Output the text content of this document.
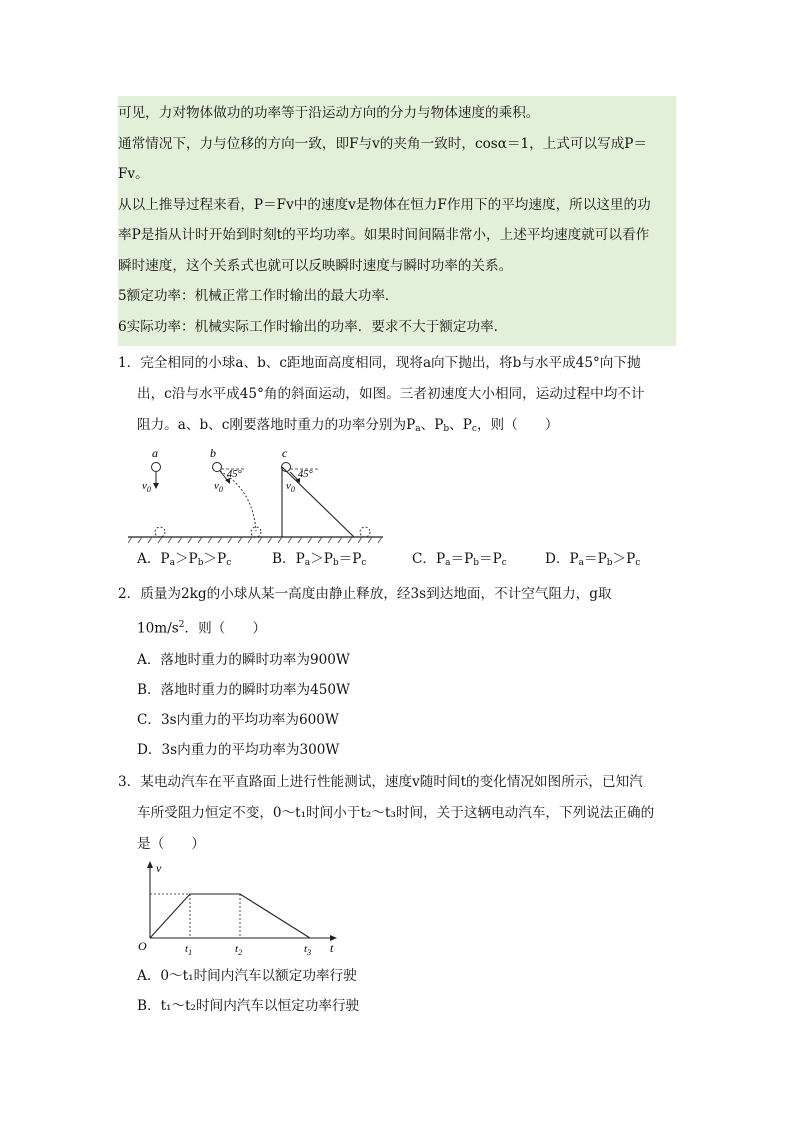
可见，力对物体做功的功率等于沿运动方向的分力与物体速度的乘积。

通常情况下，力与位移的方向一致，即F与v的夹角一致时，cosα＝1，上式可以写成P＝

Fv。

从以上推导过程来看，P＝Fv中的速度v是物体在恒力F作用下的平均速度，所以这里的功

率P是指从计时开始到时刻t的平均功率。如果时间间隔非常小，上述平均速度就可以看作

瞬时速度，这个关系式也就可以反映瞬时速度与瞬时功率的关系。

5额定功率：机械正常工作时输出的最大功率．

6实际功率：机械实际工作时输出的功率．要求不大于额定功率．

1．完全相同的小球a、b、c距地面高度相同，现将a向下抛出，将b与水平成45°向下抛
出，c沿与水平成45°角的斜面运动，如图。三者初速度大小相同，运动过程中均不计
阻力。a、b、c刚要落地时重力的功率分别为$P_a$、$P_b$、$P_c$，则（　　）

a
$v_0$
b
45°
$v_0$
c
45°
$v_0$
A．$P_a>P_b>P_c$	B．$P_a>P_b=P_c$	C．$P_a=P_b=P_c$	D．$P_a=P_b>P_c$

2．质量为2kg的小球从某一高度由静止释放，经3s到达地面，不计空气阻力，g取
$10m/s^2$．则（　　）

A．落地时重力的瞬时功率为900W

B．落地时重力的瞬时功率为450W

C．3s内重力的平均功率为600W

D．3s内重力的平均功率为300W

3．某电动汽车在平直路面上进行性能测试，速度v随时间t的变化情况如图所示，已知汽
车所受阻力恒定不变，0～t₁时间小于t₂～t₃时间，关于这辆电动汽车，下列说法正确的
是（　　）

v
t
O	$t_1$	$t_2$	$t_3$

A．0～t₁时间内汽车以额定功率行驶

B．t₁～t₂时间内汽车以恒定功率行驶
